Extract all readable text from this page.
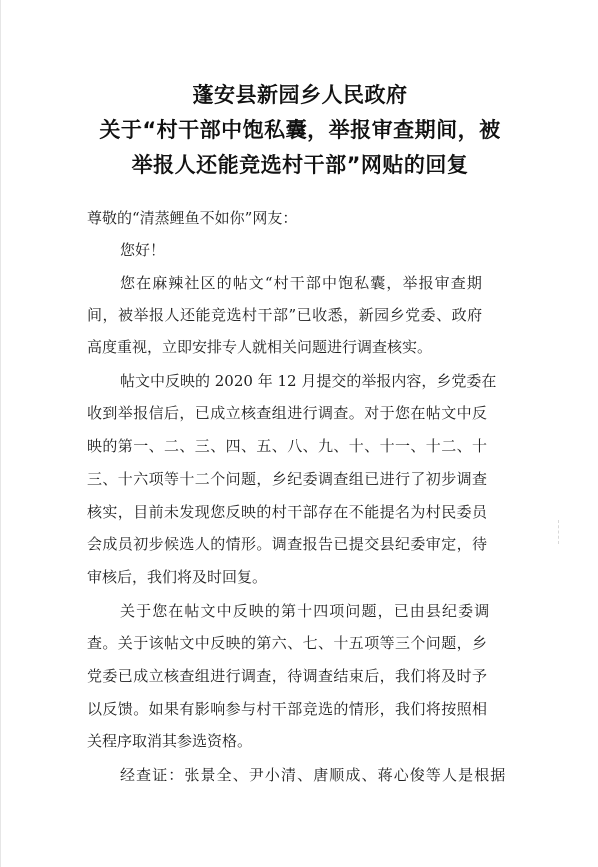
蓬安县新园乡人民政府
关于“村干部中饱私囊，举报审查期间，被
举报人还能竞选村干部”网贴的回复
尊敬的“清蒸鲤鱼不如你”网友：
您好！
您在麻辣社区的帖文“村干部中饱私囊，举报审查期
间，被举报人还能竞选村干部”已收悉，新园乡党委、政府
高度重视，立即安排专人就相关问题进行调查核实。
帖文中反映的 2020 年 12 月提交的举报内容，乡党委在
收到举报信后，已成立核查组进行调查。对于您在帖文中反
映的第一、二、三、四、五、八、九、十、十一、十二、十
三、十六项等十二个问题，乡纪委调查组已进行了初步调查
核实，目前未发现您反映的村干部存在不能提名为村民委员
会成员初步候选人的情形。调查报告已提交县纪委审定，待
审核后，我们将及时回复。
关于您在帖文中反映的第十四项问题，已由县纪委调
查。关于该帖文中反映的第六、七、十五项等三个问题，乡
党委已成立核查组进行调查，待调查结束后，我们将及时予
以反馈。如果有影响参与村干部竞选的情形，我们将按照相
关程序取消其参选资格。
经查证：张景全、尹小清、唐顺成、蒋心俊等人是根据
